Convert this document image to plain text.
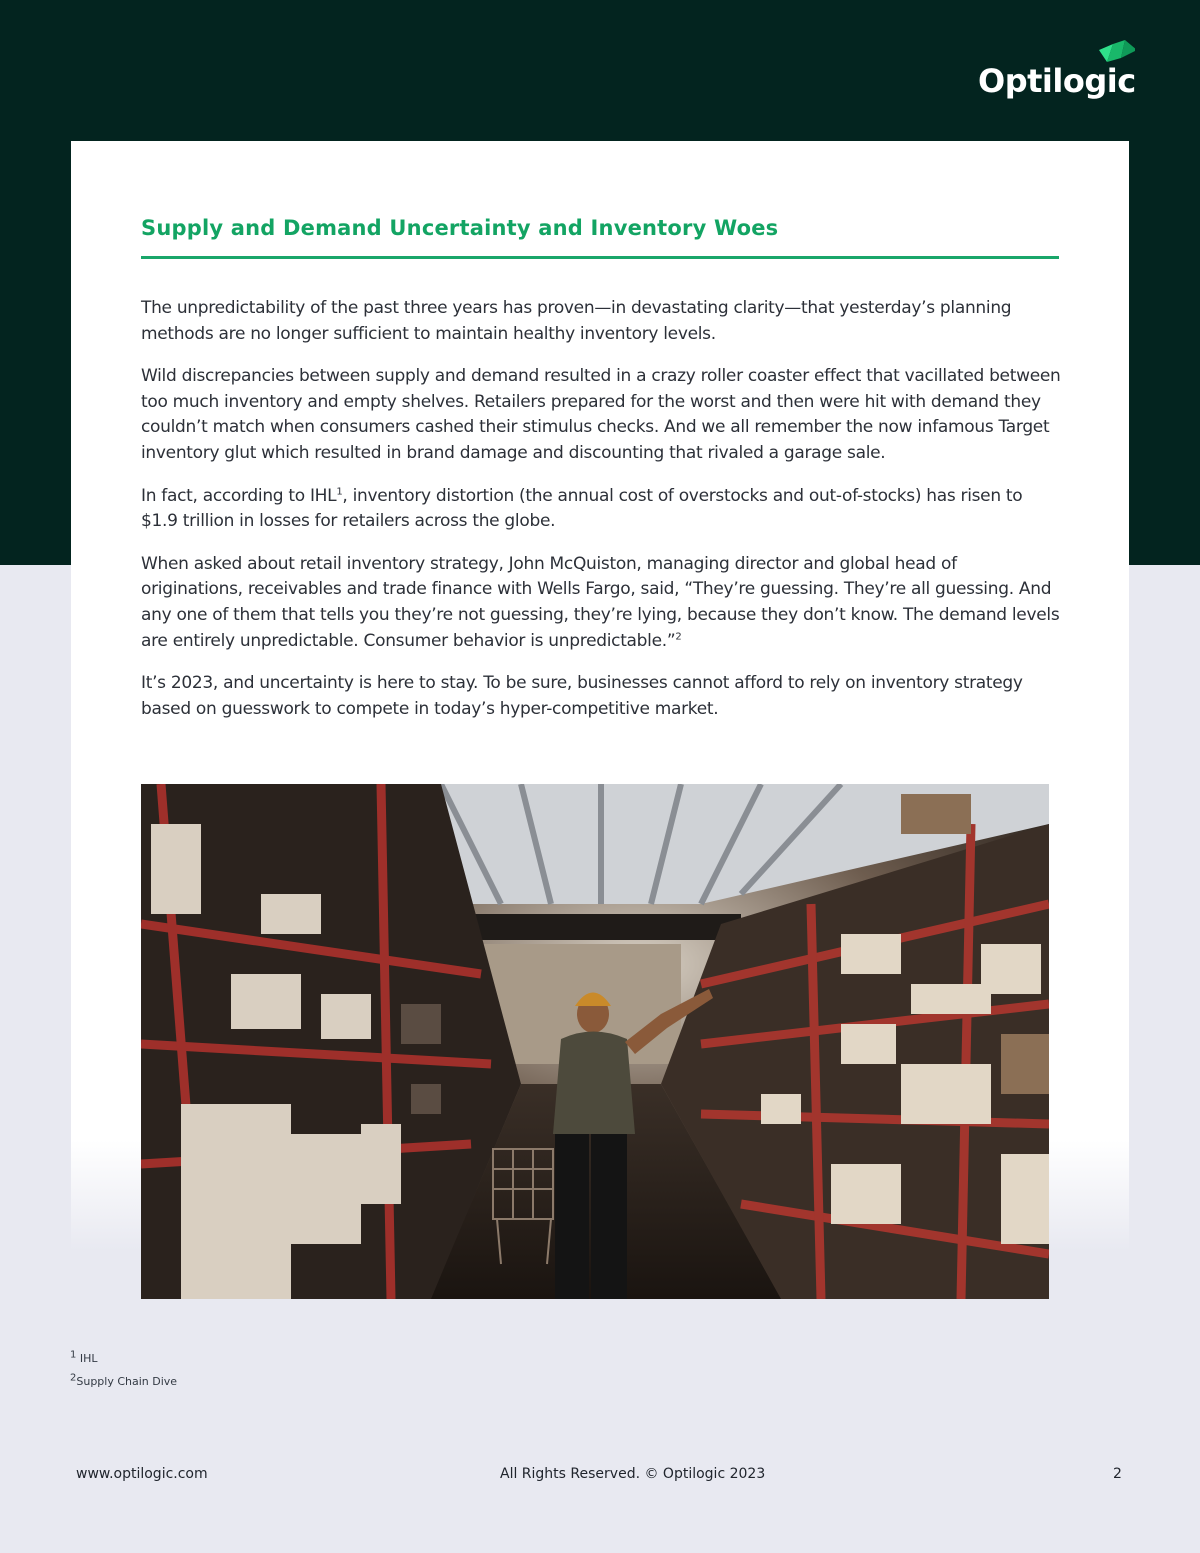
Optilogic
Supply and Demand Uncertainty and Inventory Woes

The unpredictability of the past three years has proven—in devastating clarity—that yesterday’s planning methods are no longer sufficient to maintain healthy inventory levels.

Wild discrepancies between supply and demand resulted in a crazy roller coaster effect that vacillated between too much inventory and empty shelves. Retailers prepared for the worst and then were hit with demand they couldn’t match when consumers cashed their stimulus checks. And we all remember the now infamous Target inventory glut which resulted in brand damage and discounting that rivaled a garage sale.

In fact, according to IHL$^1$, inventory distortion (the annual cost of overstocks and out-of-stocks) has risen to $1.9 trillion in losses for retailers across the globe.

When asked about retail inventory strategy, John McQuiston, managing director and global head of originations, receivables and trade finance with Wells Fargo, said, “They’re guessing. They’re all guessing. And any one of them that tells you they’re not guessing, they’re lying, because they don’t know. The demand levels are entirely unpredictable. Consumer behavior is unpredictable.”$^2$

It’s 2023, and uncertainty is here to stay. To be sure, businesses cannot afford to rely on inventory strategy based on guesswork to compete in today’s hyper-competitive market.

$^1$ IHL
$^2$Supply Chain Dive
www.optilogic.com	All Rights Reserved. © Optilogic 2023	2
